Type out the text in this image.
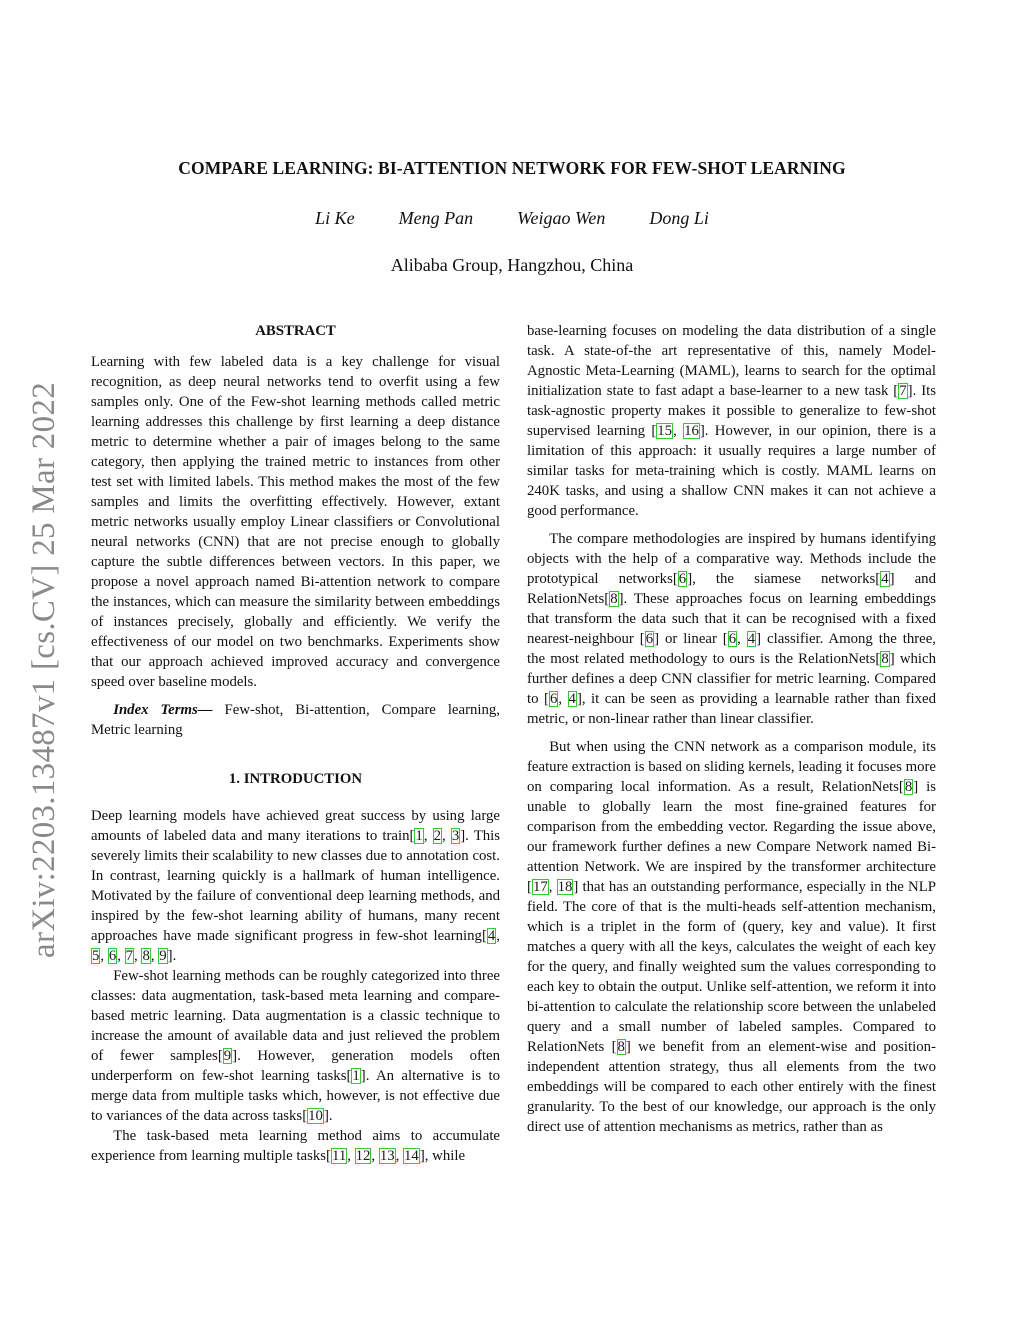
arXiv:2203.13487v1 [cs.CV] 25 Mar 2022
COMPARE LEARNING: BI-ATTENTION NETWORK FOR FEW-SHOT LEARNING
Li Ke Meng Pan Weigao Wen Dong Li
Alibaba Group, Hangzhou, China
ABSTRACT

Learning with few labeled data is a key challenge for visual recognition, as deep neural networks tend to overfit using a few samples only. One of the Few-shot learning methods called metric learning addresses this challenge by first learning a deep distance metric to determine whether a pair of images belong to the same category, then applying the trained metric to instances from other test set with limited labels. This method makes the most of the few samples and limits the overfitting effectively. However, extant metric networks usually employ Linear classifiers or Convolutional neural networks (CNN) that are not precise enough to globally capture the subtle differences between vectors. In this paper, we propose a novel approach named Bi-attention network to compare the instances, which can measure the similarity between embeddings of instances precisely, globally and efficiently. We verify the effectiveness of our model on two benchmarks. Experiments show that our approach achieved improved accuracy and convergence speed over baseline models.

Index Terms— Few-shot, Bi-attention, Compare learning, Metric learning

1. INTRODUCTION

Deep learning models have achieved great success by using large amounts of labeled data and many iterations to train[1, 2, 3]. This severely limits their scalability to new classes due to annotation cost. In contrast, learning quickly is a hallmark of human intelligence. Motivated by the failure of conventional deep learning methods, and inspired by the few-shot learning ability of humans, many recent approaches have made significant progress in few-shot learning[4, 5, 6, 7, 8, 9].

Few-shot learning methods can be roughly categorized into three classes: data augmentation, task-based meta learning and compare-based metric learning. Data augmentation is a classic technique to increase the amount of available data and just relieved the problem of fewer samples[9]. However, generation models often underperform on few-shot learning tasks[1]. An alternative is to merge data from multiple tasks which, however, is not effective due to variances of the data across tasks[10].

The task-based meta learning method aims to accumulate experience from learning multiple tasks[11, 12, 13, 14], while

base-learning focuses on modeling the data distribution of a single task. A state-of-the art representative of this, namely Model-Agnostic Meta-Learning (MAML), learns to search for the optimal initialization state to fast adapt a base-learner to a new task [7]. Its task-agnostic property makes it possible to generalize to few-shot supervised learning [15, 16]. However, in our opinion, there is a limitation of this approach: it usually requires a large number of similar tasks for meta-training which is costly. MAML learns on 240K tasks, and using a shallow CNN makes it can not achieve a good performance.

The compare methodologies are inspired by humans identifying objects with the help of a comparative way. Methods include the prototypical networks[6], the siamese networks[4] and RelationNets[8]. These approaches focus on learning embeddings that transform the data such that it can be recognised with a fixed nearest-neighbour [6] or linear [6, 4] classifier. Among the three, the most related methodology to ours is the RelationNets[8] which further defines a deep CNN classifier for metric learning. Compared to [6, 4], it can be seen as providing a learnable rather than fixed metric, or non-linear rather than linear classifier.

But when using the CNN network as a comparison module, its feature extraction is based on sliding kernels, leading it focuses more on comparing local information. As a result, RelationNets[8] is unable to globally learn the most fine-grained features for comparison from the embedding vector. Regarding the issue above, our framework further defines a new Compare Network named Bi-attention Network. We are inspired by the transformer architecture [17, 18] that has an outstanding performance, especially in the NLP field. The core of that is the multi-heads self-attention mechanism, which is a triplet in the form of (query, key and value). It first matches a query with all the keys, calculates the weight of each key for the query, and finally weighted sum the values corresponding to each key to obtain the output. Unlike self-attention, we reform it into bi-attention to calculate the relationship score between the unlabeled query and a small number of labeled samples. Compared to RelationNets [8] we benefit from an element-wise and position-independent attention strategy, thus all elements from the two embeddings will be compared to each other entirely with the finest granularity. To the best of our knowledge, our approach is the only direct use of attention mechanisms as metrics, rather than as
